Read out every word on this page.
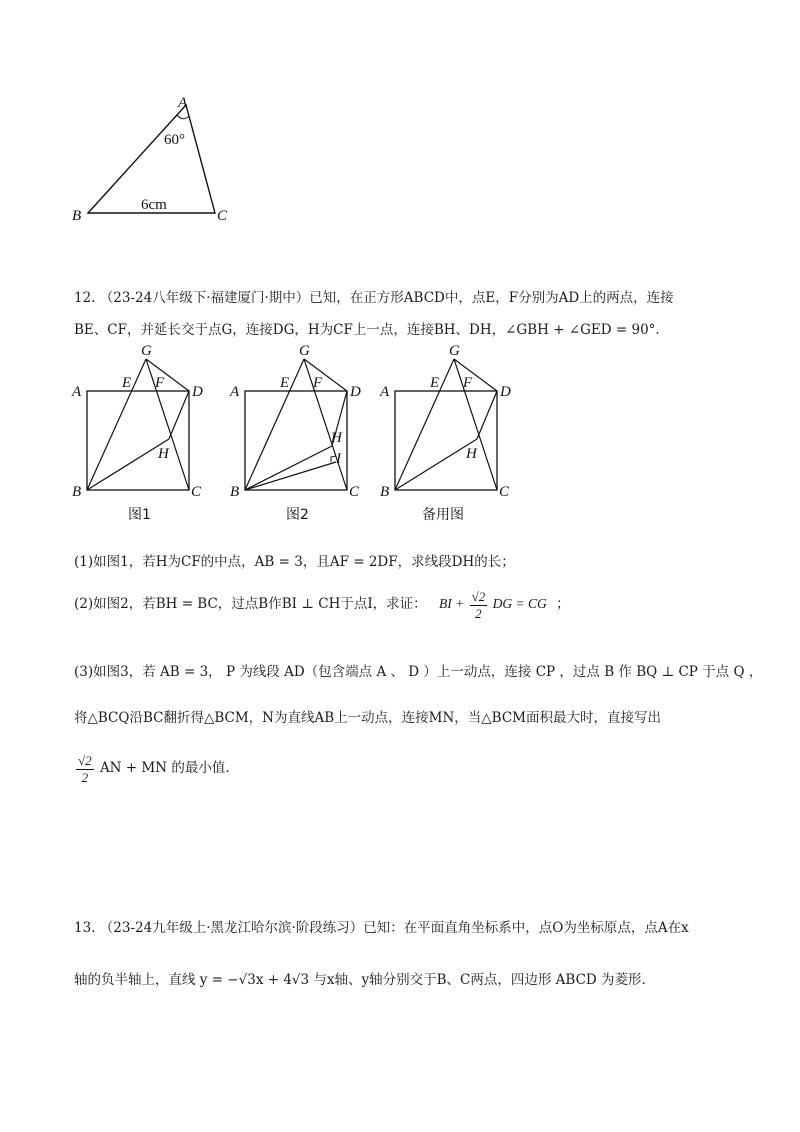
A
B	C
60°
6cm
12. （23-24八年级下·福建厦门·期中）已知，在正方形ABCD中，点E，F分别为AD上的两点，连接
BE、CF，并延长交于点G，连接DG，H为CF上一点，连接BH、DH，∠GBH + ∠GED = 90°.
G
E F
A	D
H
B	C
图1
G
E F
A	D
H
I
B	C
图2
G
E F
A	D
H
B	C
备用图
(1)如图1，若H为CF的中点，AB = 3，且AF = 2DF，求线段DH的长；
(2)如图2，若BH = BC，过点B作BI ⊥ CH于点I，求证： BI + $\frac{√2}{2}$ DG = CG ；
(3)如图3，若 AB = 3， P 为线段 AD（包含端点 A 、 D ）上一动点，连接 CP ，过点 B 作 BQ ⊥ CP 于点 Q ，
将△BCQ沿BC翻折得△BCM，N为直线AB上一动点，连接MN，当△BCM面积最大时，直接写出
$\frac{√2}{2}$ AN + MN 的最小值.
13. （23-24九年级上·黑龙江哈尔滨·阶段练习）已知：在平面直角坐标系中，点O为坐标原点，点A在x
轴的负半轴上，直线 y = −√3x + 4√3 与x轴、y轴分别交于B、C两点，四边形 ABCD 为菱形.
